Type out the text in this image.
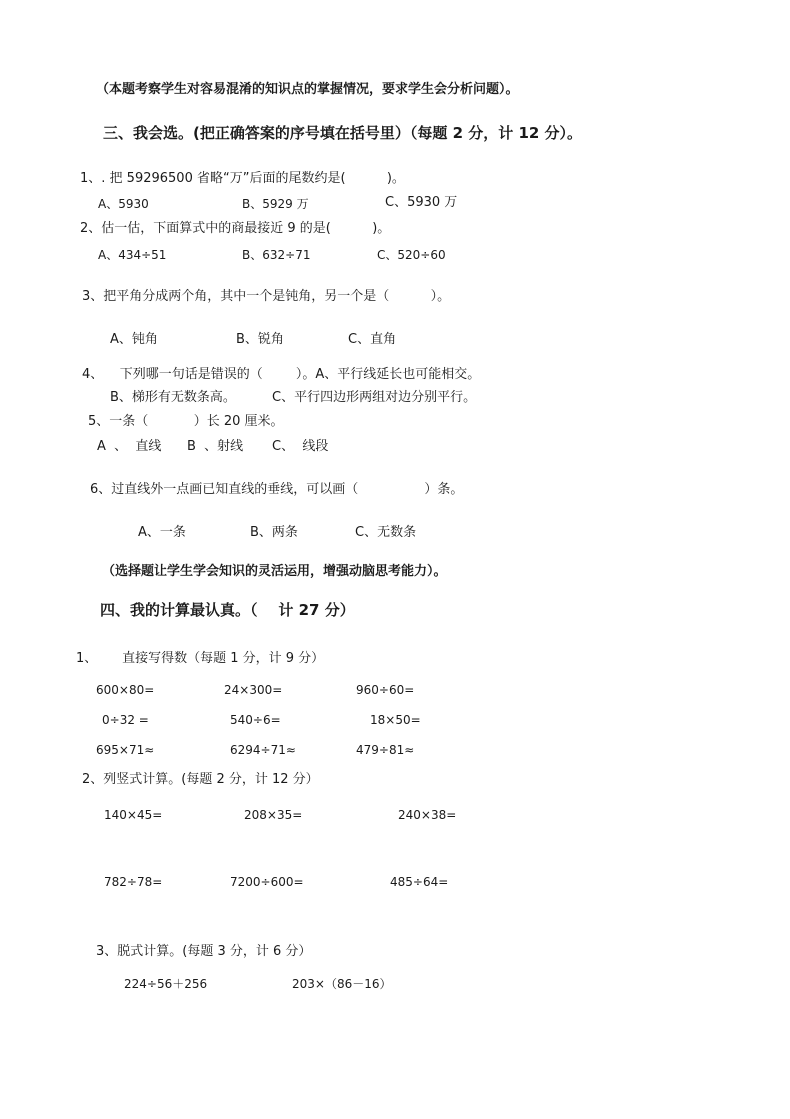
（本题考察学生对容易混淆的知识点的掌握情况，要求学生会分析问题）。
三、我会选。(把正确答案的序号填在括号里）（每题 2 分，计 12 分）。
1、. 把 59296500 省略“万”后面的尾数约是(          )。
A、5930	B、5929 万	C、5930 万
2、估一估，下面算式中的商最接近 9 的是(          )。
A、434÷51	B、632÷71	C、520÷60
3、把平角分成两个角，其中一个是钝角，另一个是（          ）。
A、钝角	B、锐角	C、直角
4、    下列哪一句话是错误的（        ）。A、平行线延长也可能相交。
B、梯形有无数条高。	C、平行四边形两组对边分别平行。
5、一条（           ）长 20 厘米。
A  、  直线 B  、射线 C、  线段
6、过直线外一点画已知直线的垂线，可以画（                ）条。
A、一条	B、两条	C、无数条
（选择题让学生学会知识的灵活运用，增强动脑思考能力）。
四、我的计算最认真。（    计 27 分）
1、      直接写得数（每题 1 分，计 9 分）
600×80=	24×300=	960÷60=
0÷32 =	540÷6=	18×50=
695×71≈	6294÷71≈	479÷81≈
2、列竖式计算。(每题 2 分，计 12 分）
140×45=	208×35=	240×38=
782÷78=	7200÷600=	485÷64=
3、脱式计算。(每题 3 分，计 6 分）
224÷56＋256	203×（86－16）
